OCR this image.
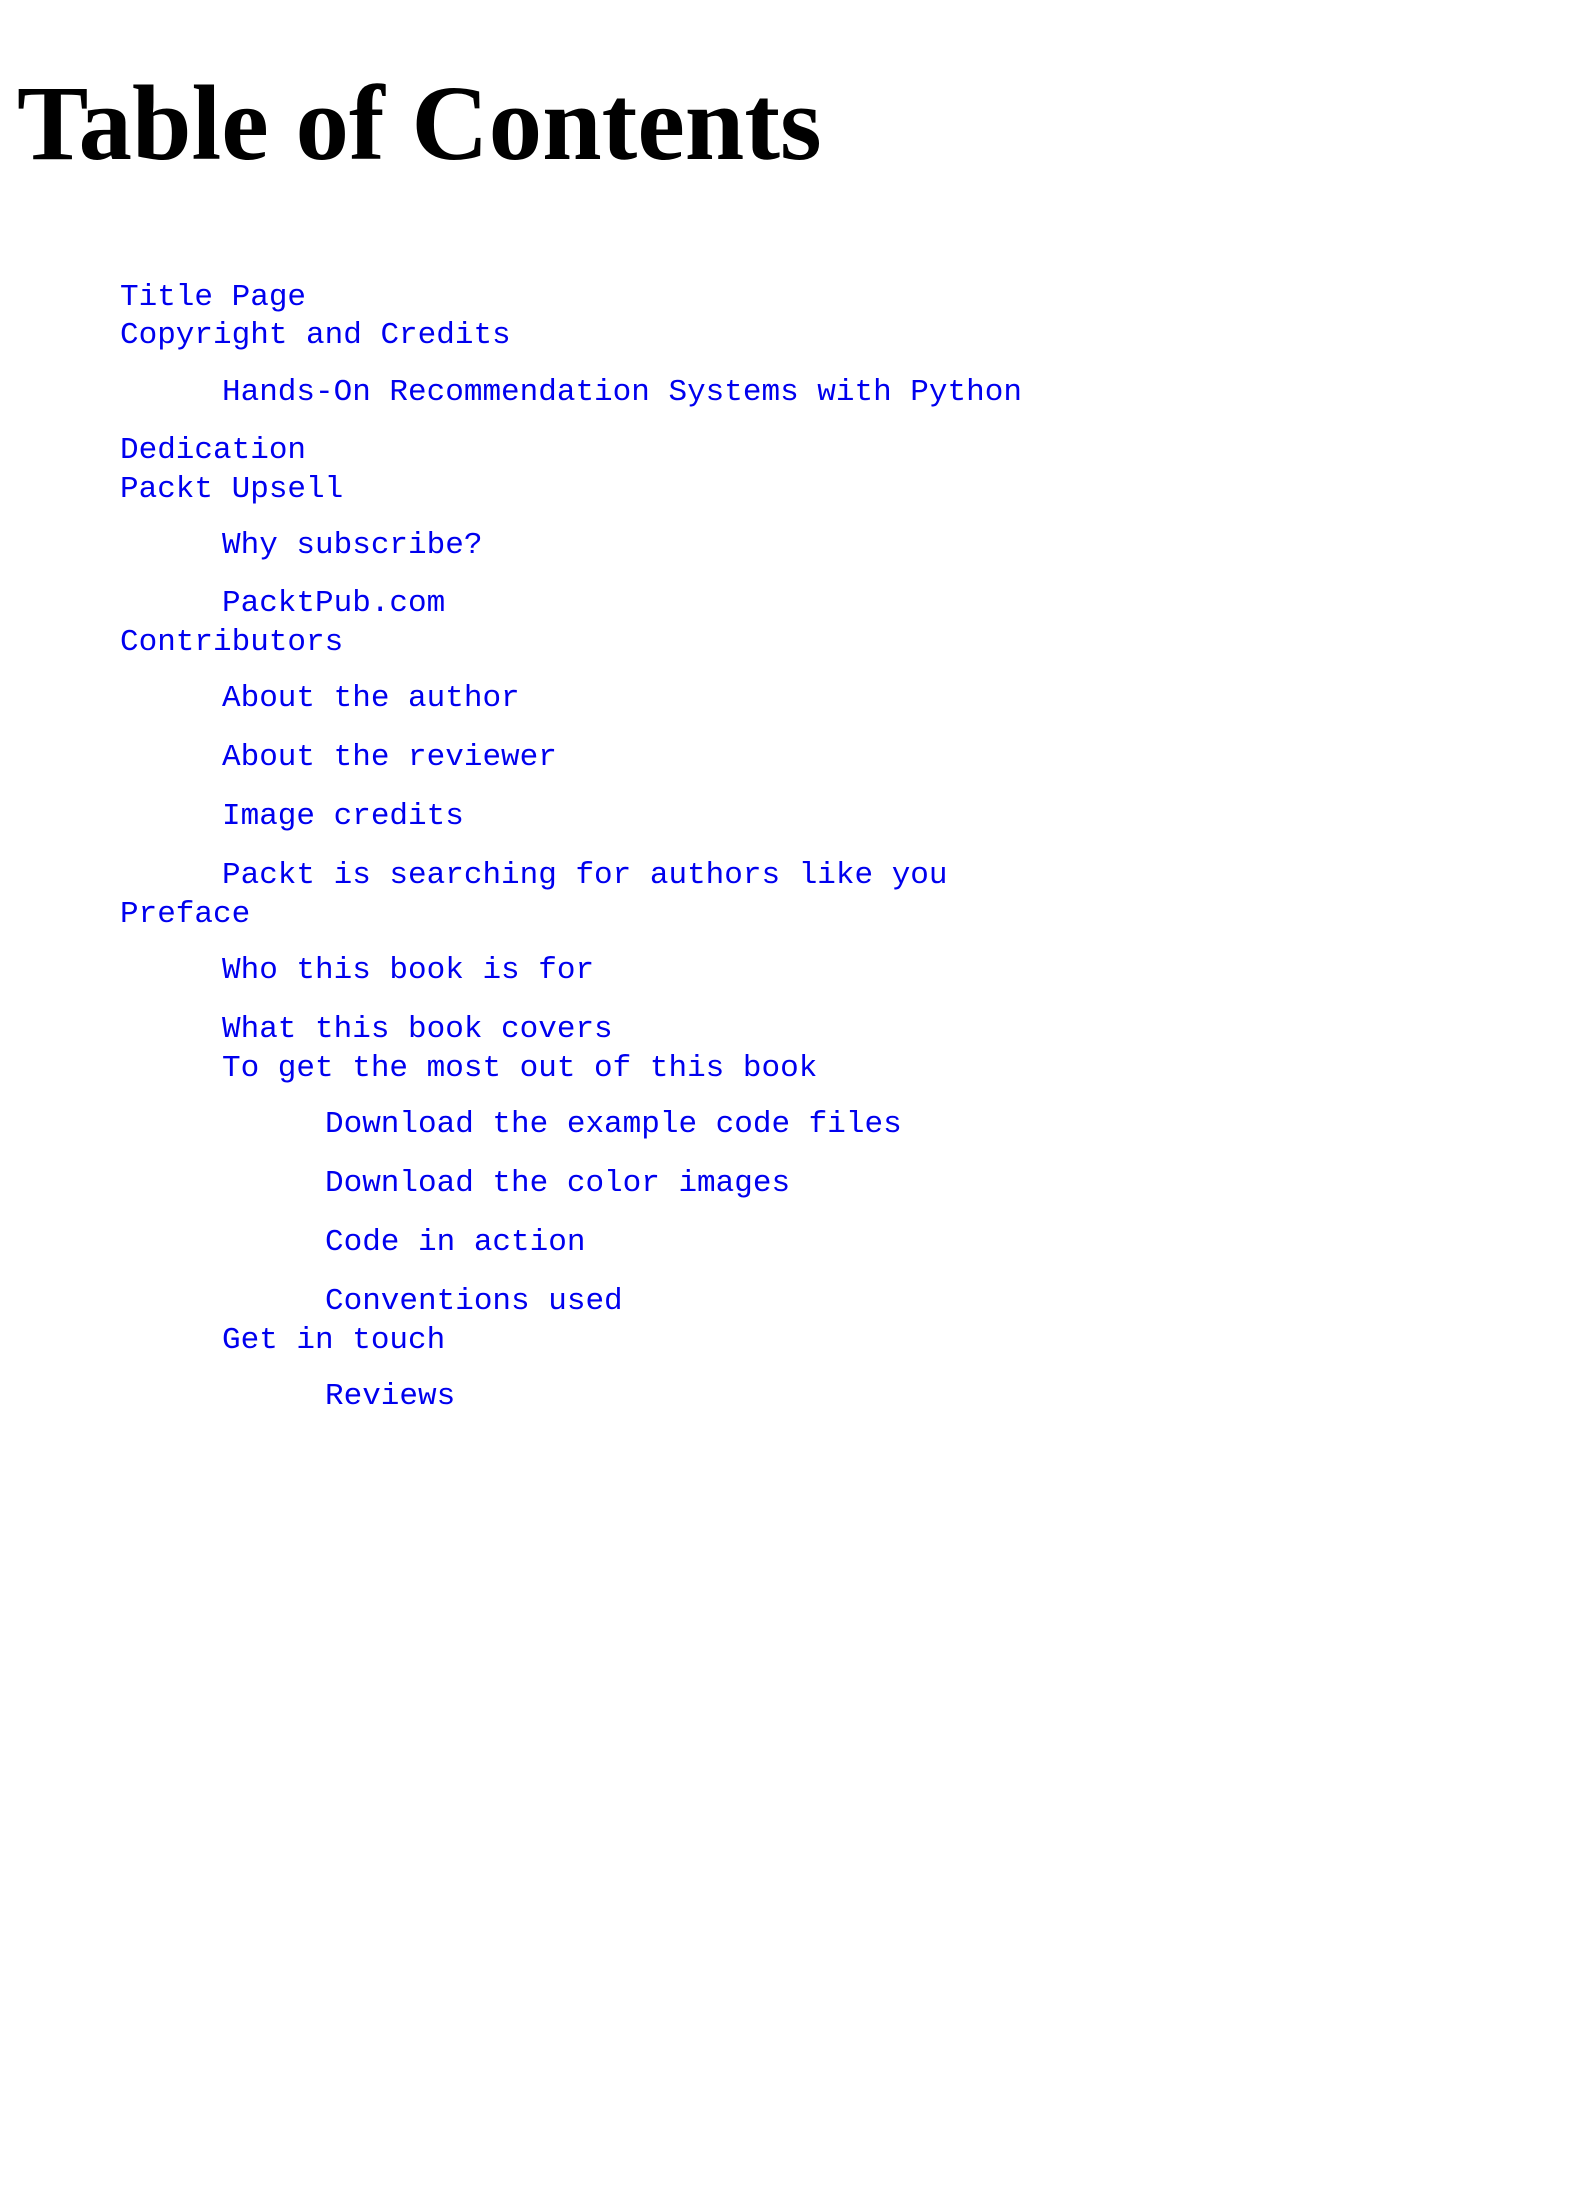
Table of Contents
Title Page
Copyright and Credits
Hands-On Recommendation Systems with Python
Dedication
Packt Upsell
Why subscribe?
PacktPub.com
Contributors
About the author
About the reviewer
Image credits
Packt is searching for authors like you
Preface
Who this book is for
What this book covers
To get the most out of this book
Download the example code files
Download the color images
Code in action
Conventions used
Get in touch
Reviews
